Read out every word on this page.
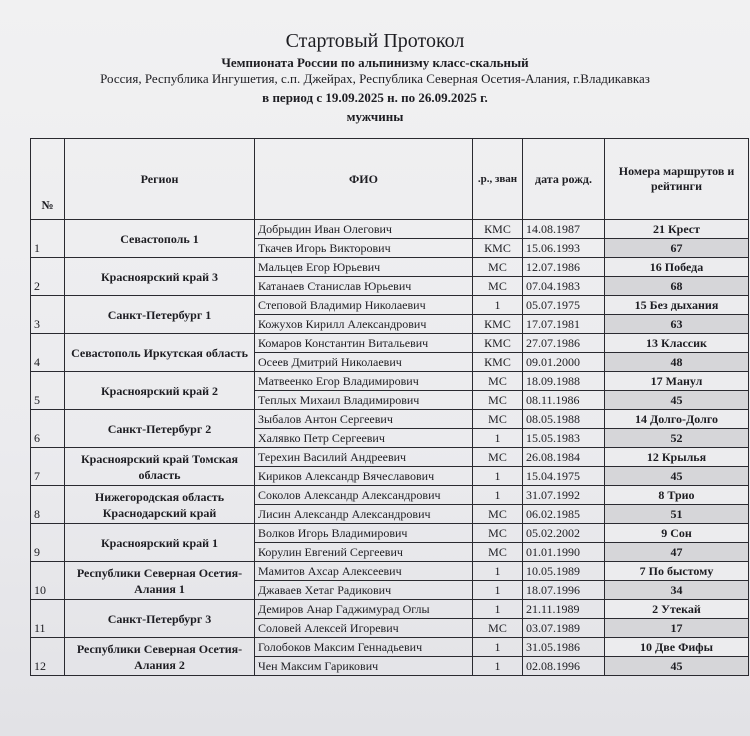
Стартовый Протокол
Чемпионата России по альпинизму класс-скальный
Россия, Республика Ингушетия, с.п. Джейрах, Республика Северная Осетия-Алания, г.Владикавказ
в период с 19.09.2025 н. по 26.09.2025 г.
мужчины
№	Регион	ФИО	.р., зван	дата рожд.	Номера маршрутов и рейтинги
1	Севастополь 1	Добрыдин Иван Олегович	КМС	14.08.1987	21 Крест
		Ткачев Игорь Викторович	КМС	15.06.1993	67
2	Красноярский край 3	Мальцев Егор Юрьевич	МС	12.07.1986	16 Победа
		Катанаев Станислав Юрьевич	МС	07.04.1983	68
3	Санкт-Петербург 1	Степовой Владимир Николаевич	1	05.07.1975	15 Без дыхания
		Кожухов Кирилл Александрович	КМС	17.07.1981	63
4	Севастополь Иркутская область	Комаров Константин Витальевич	КМС	27.07.1986	13 Классик
		Осеев Дмитрий Николаевич	КМС	09.01.2000	48
5	Красноярский край 2	Матвеенко Егор Владимирович	МС	18.09.1988	17 Манул
		Теплых Михаил Владимирович	МС	08.11.1986	45
6	Санкт-Петербург 2	Зыбалов Антон Сергеевич	МС	08.05.1988	14 Долго-Долго
		Халявко Петр Сергеевич	1	15.05.1983	52
7	Красноярский край Томская область	Терехин Василий Андреевич	МС	26.08.1984	12 Крылья
		Кириков Александр Вячеславович	1	15.04.1975	45
8	Нижегородская область Краснодарский край	Соколов Александр Александрович	1	31.07.1992	8 Трио
		Лисин Александр Александрович	МС	06.02.1985	51
9	Красноярский край 1	Волков Игорь Владимирович	МС	05.02.2002	9 Сон
		Корулин Евгений Сергеевич	МС	01.01.1990	47
10	Республики Северная Осетия- Алания 1	Мамитов Ахсар Алексеевич	1	10.05.1989	7 По быстому
		Джаваев Хетаг Радикович	1	18.07.1996	34
11	Санкт-Петербург 3	Демиров Анар Гаджимурад Оглы	1	21.11.1989	2 Утекай
		Соловей Алексей Игоревич	МС	03.07.1989	17
12	Республики Северная Осетия- Алания 2	Голобоков Максим Геннадьевич	1	31.05.1986	10 Две Фифы
		Чен Максим Гарикович	1	02.08.1996	45
